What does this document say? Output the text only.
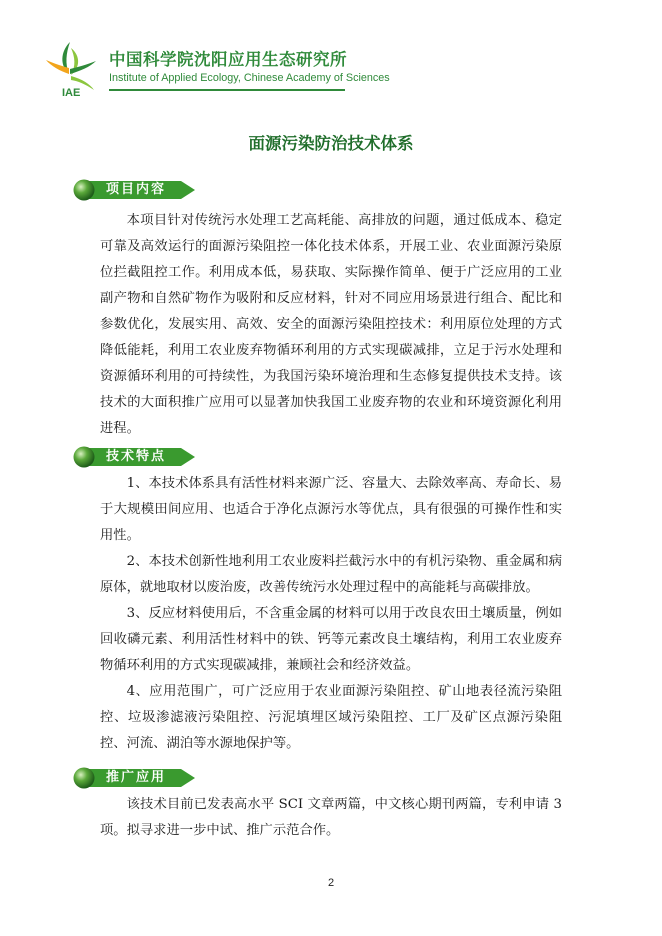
IAE
中国科学院沈阳应用生态研究所
Institute of Applied Ecology, Chinese Academy of Sciences
面源污染防治技术体系
项目内容

本项目针对传统污水处理工艺高耗能、高排放的问题，通过低成本、稳定可靠及高效运行的面源污染阻控一体化技术体系，开展工业、农业面源污染原位拦截阻控工作。利用成本低，易获取、实际操作简单、便于广泛应用的工业副产物和自然矿物作为吸附和反应材料，针对不同应用场景进行组合、配比和参数优化，发展实用、高效、安全的面源污染阻控技术：利用原位处理的方式降低能耗，利用工农业废弃物循环利用的方式实现碳减排，立足于污水处理和资源循环利用的可持续性，为我国污染环境治理和生态修复提供技术支持。该技术的大面积推广应用可以显著加快我国工业废弃物的农业和环境资源化利用进程。

技术特点

1、本技术体系具有活性材料来源广泛、容量大、去除效率高、寿命长、易于大规模田间应用、也适合于净化点源污水等优点，具有很强的可操作性和实用性。

2、本技术创新性地利用工农业废料拦截污水中的有机污染物、重金属和病原体，就地取材以废治废，改善传统污水处理过程中的高能耗与高碳排放。

3、反应材料使用后，不含重金属的材料可以用于改良农田土壤质量，例如回收磷元素、利用活性材料中的铁、钙等元素改良土壤结构，利用工农业废弃物循环利用的方式实现碳减排，兼顾社会和经济效益。

4、应用范围广，可广泛应用于农业面源污染阻控、矿山地表径流污染阻控、垃圾渗滤液污染阻控、污泥填埋区域污染阻控、工厂及矿区点源污染阻控、河流、湖泊等水源地保护等。

推广应用

该技术目前已发表高水平 SCI 文章两篇，中文核心期刊两篇，专利申请 3 项。拟寻求进一步中试、推广示范合作。

2
